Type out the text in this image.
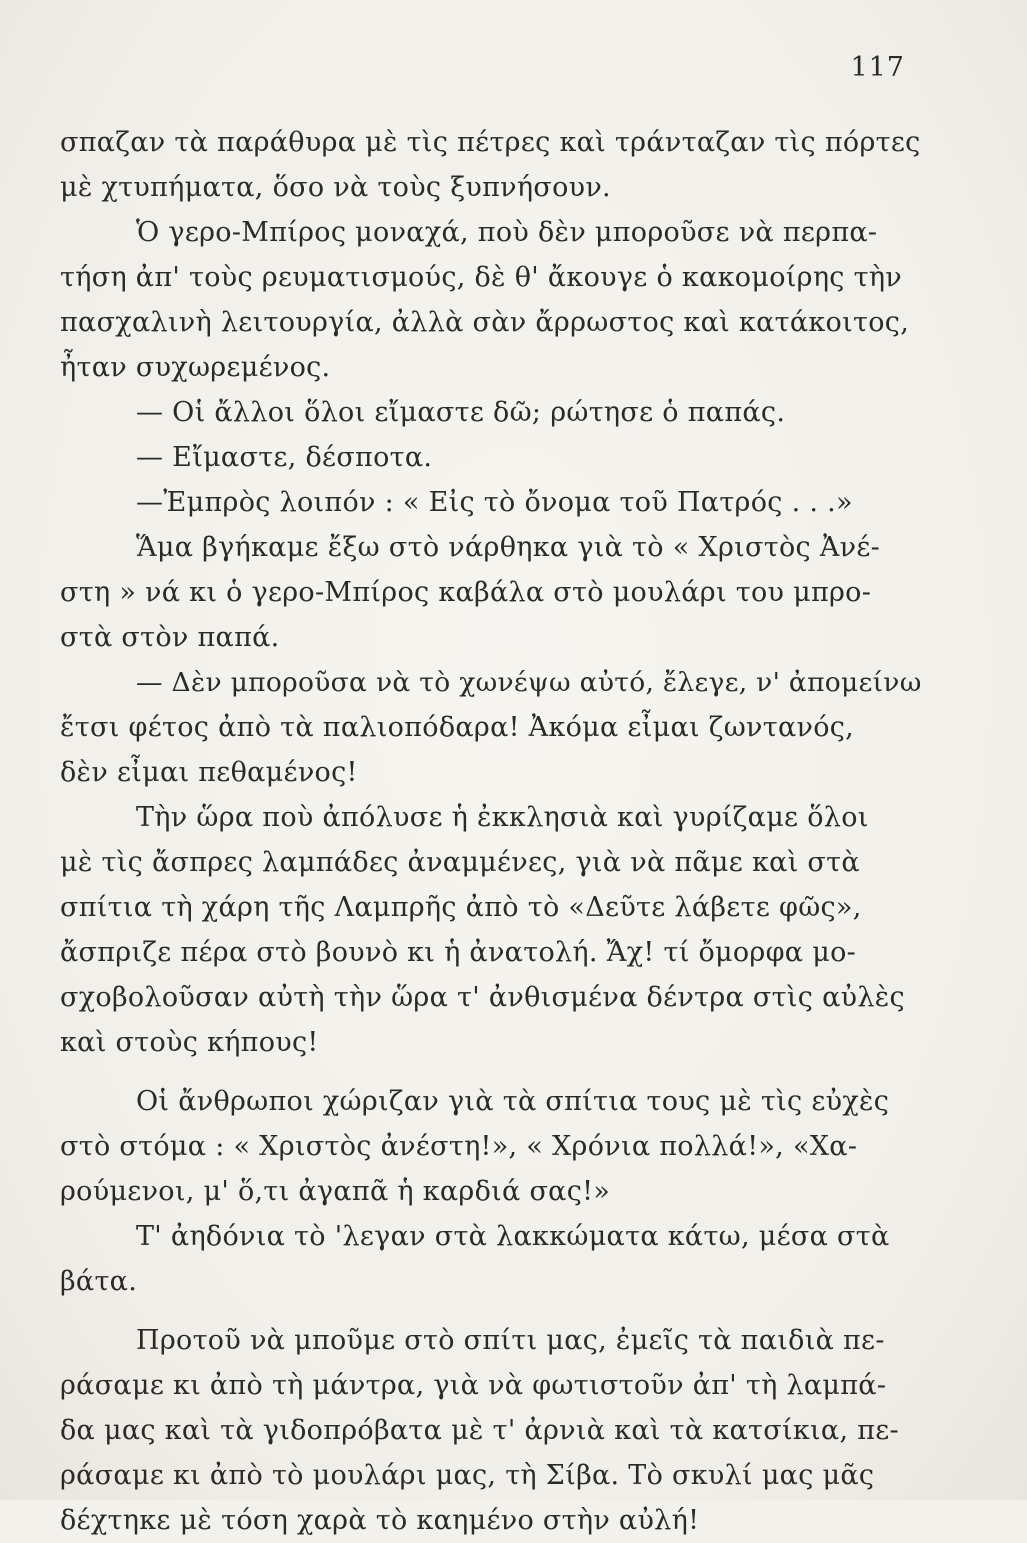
117
σπαζαν τὰ παράθυρα μὲ τὶς πέτρες καὶ τράνταζαν τὶς πόρτες
μὲ χτυπήματα, ὅσο νὰ τοὺς ξυπνήσουν.
Ὁ γερο-Μπίρος μοναχά, ποὺ δὲν μποροῦσε νὰ περπα-
τήση ἀπ' τοὺς ρευματισμούς, δὲ θ' ἄκουγε ὁ κακομοίρης τὴν
πασχαλινὴ λειτουργία, ἀλλὰ σὰν ἄρρωστος καὶ κατάκοιτος,
ἦταν συχωρεμένος.
— Οἱ ἄλλοι ὅλοι εἴμαστε δῶ; ρώτησε ὁ παπάς.
— Εἴμαστε, δέσποτα.
—Ἐμπρὸς λοιπόν : « Εἰς τὸ ὄνομα τοῦ Πατρός . . .»
Ἅμα βγήκαμε ἔξω στὸ νάρθηκα γιὰ τὸ « Χριστὸς Ἀνέ-
στη » νά κι ὁ γερο-Μπίρος καβάλα στὸ μουλάρι του μπρο-
στὰ στὸν παπά.
— Δὲν μποροῦσα νὰ τὸ χωνέψω αὐτό, ἔλεγε, ν' ἀπομείνω
ἔτσι φέτος ἀπὸ τὰ παλιοπόδαρα! Ἀκόμα εἶμαι ζωντανός,
δὲν εἶμαι πεθαμένος!
Τὴν ὥρα ποὺ ἀπόλυσε ἡ ἐκκλησιὰ καὶ γυρίζαμε ὅλοι
μὲ τὶς ἄσπρες λαμπάδες ἀναμμένες, γιὰ νὰ πᾶμε καὶ στὰ
σπίτια τὴ χάρη τῆς Λαμπρῆς ἀπὸ τὸ «Δεῦτε λάβετε φῶς»,
ἄσπριζε πέρα στὸ βουνὸ κι ἡ ἀνατολή. Ἄχ! τί ὄμορφα μο-
σχοβολοῦσαν αὐτὴ τὴν ὥρα τ' ἀνθισμένα δέντρα στὶς αὐλὲς
καὶ στοὺς κήπους!
Οἱ ἄνθρωποι χώριζαν γιὰ τὰ σπίτια τους μὲ τὶς εὐχὲς
στὸ στόμα : « Χριστὸς ἀνέστη!», « Χρόνια πολλά!», «Χα-
ρούμενοι, μ' ὅ,τι ἀγαπᾶ ἡ καρδιά σας!»
Τ' ἀηδόνια τὸ 'λεγαν στὰ λακκώματα κάτω, μέσα στὰ
βάτα.
Προτοῦ νὰ μποῦμε στὸ σπίτι μας, ἐμεῖς τὰ παιδιὰ πε-
ράσαμε κι ἀπὸ τὴ μάντρα, γιὰ νὰ φωτιστοῦν ἀπ' τὴ λαμπά-
δα μας καὶ τὰ γιδοπρόβατα μὲ τ' ἀρνιὰ καὶ τὰ κατσίκια, πε-
ράσαμε κι ἀπὸ τὸ μουλάρι μας, τὴ Σίβα. Τὸ σκυλί μας μᾶς
δέχτηκε μὲ τόση χαρὰ τὸ καημένο στὴν αὐλή!
